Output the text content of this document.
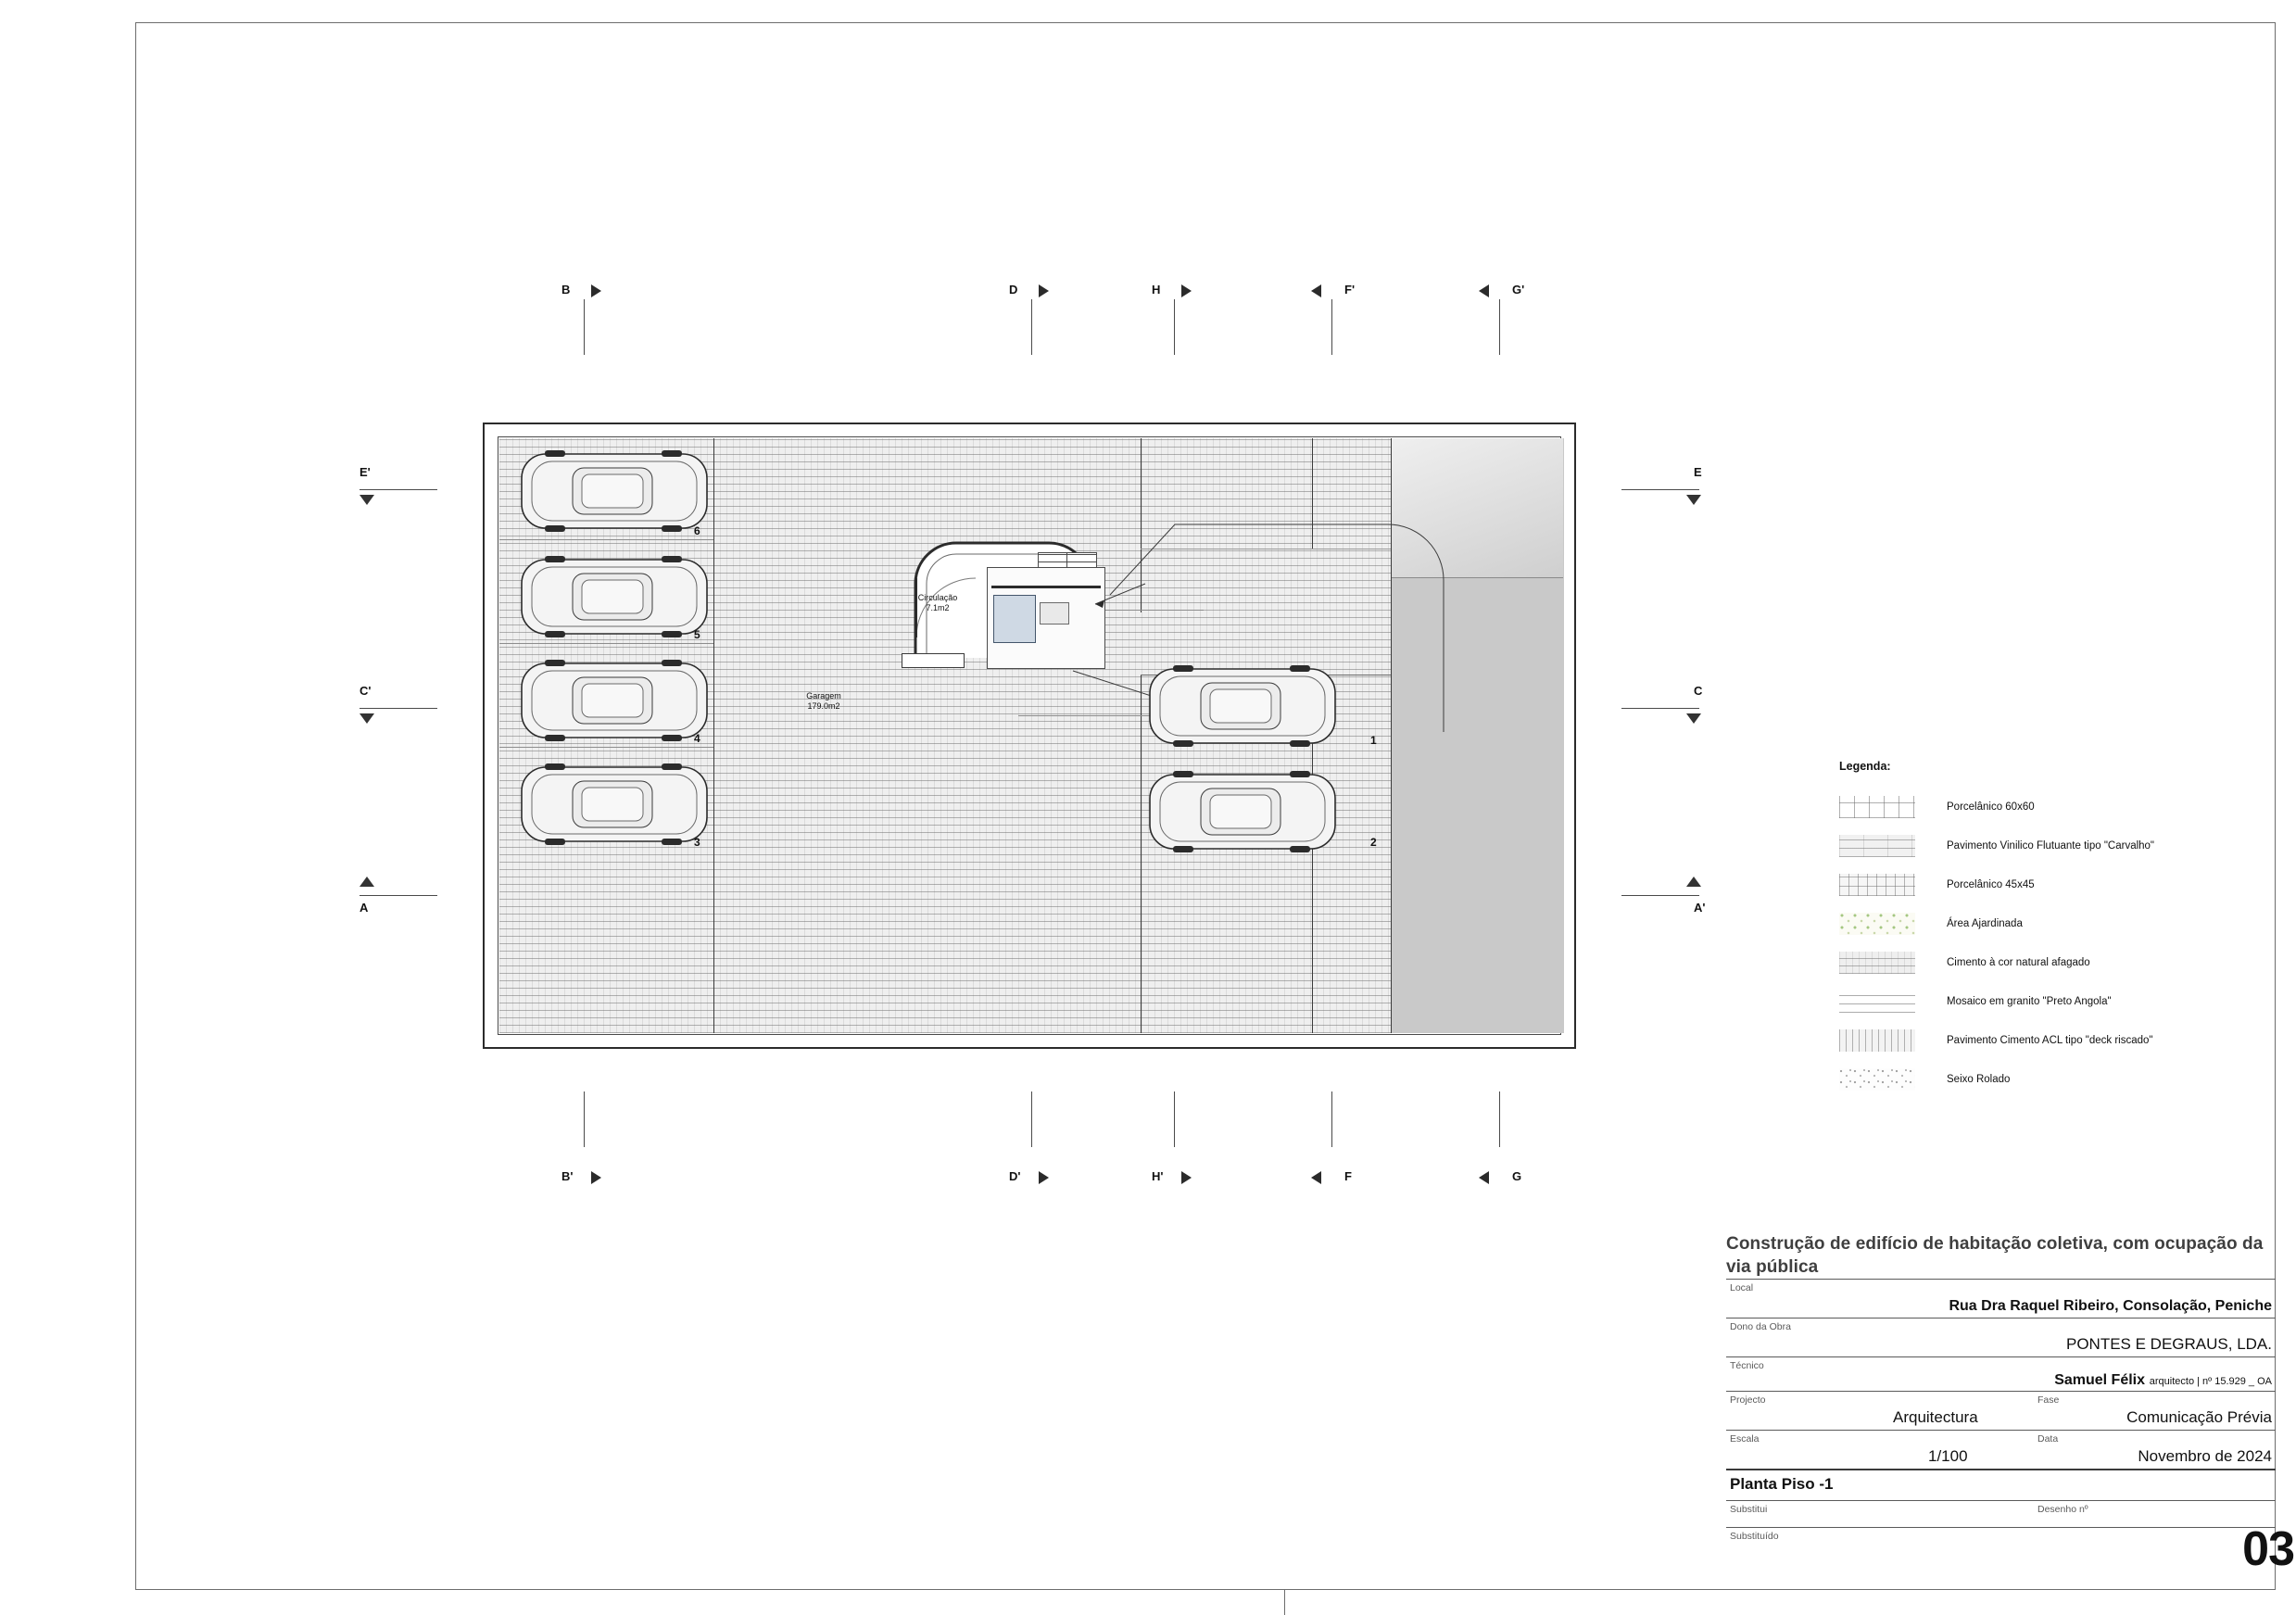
Garagem
179.0m2
Circulação
7.1m2
6
5
4
3
1
2
B	D	H	F'	G'
B'	D'	H'	F	G
E'
C'
A
E
C
A'
Legenda:
Porcelânico 60x60
Pavimento Vinilico Flutuante tipo "Carvalho"
Porcelânico 45x45
Área Ajardinada
Cimento à cor natural afagado
Mosaico em granito "Preto Angola"
Pavimento Cimento ACL tipo "deck riscado"
Seixo Rolado
Construção de edifício de habitação coletiva, com ocupação da via pública
Local
Rua Dra Raquel Ribeiro, Consolação, Peniche
Dono da Obra
PONTES E DEGRAUS, LDA.
Técnico
Samuel Félix arquitecto | nº 15.929 _ OA
Projecto	Fase
Arquitectura	Comunicação Prévia
Escala	Data
1/100	Novembro de 2024
Planta Piso -1
Substitui	Desenho nº
Substituído	03
